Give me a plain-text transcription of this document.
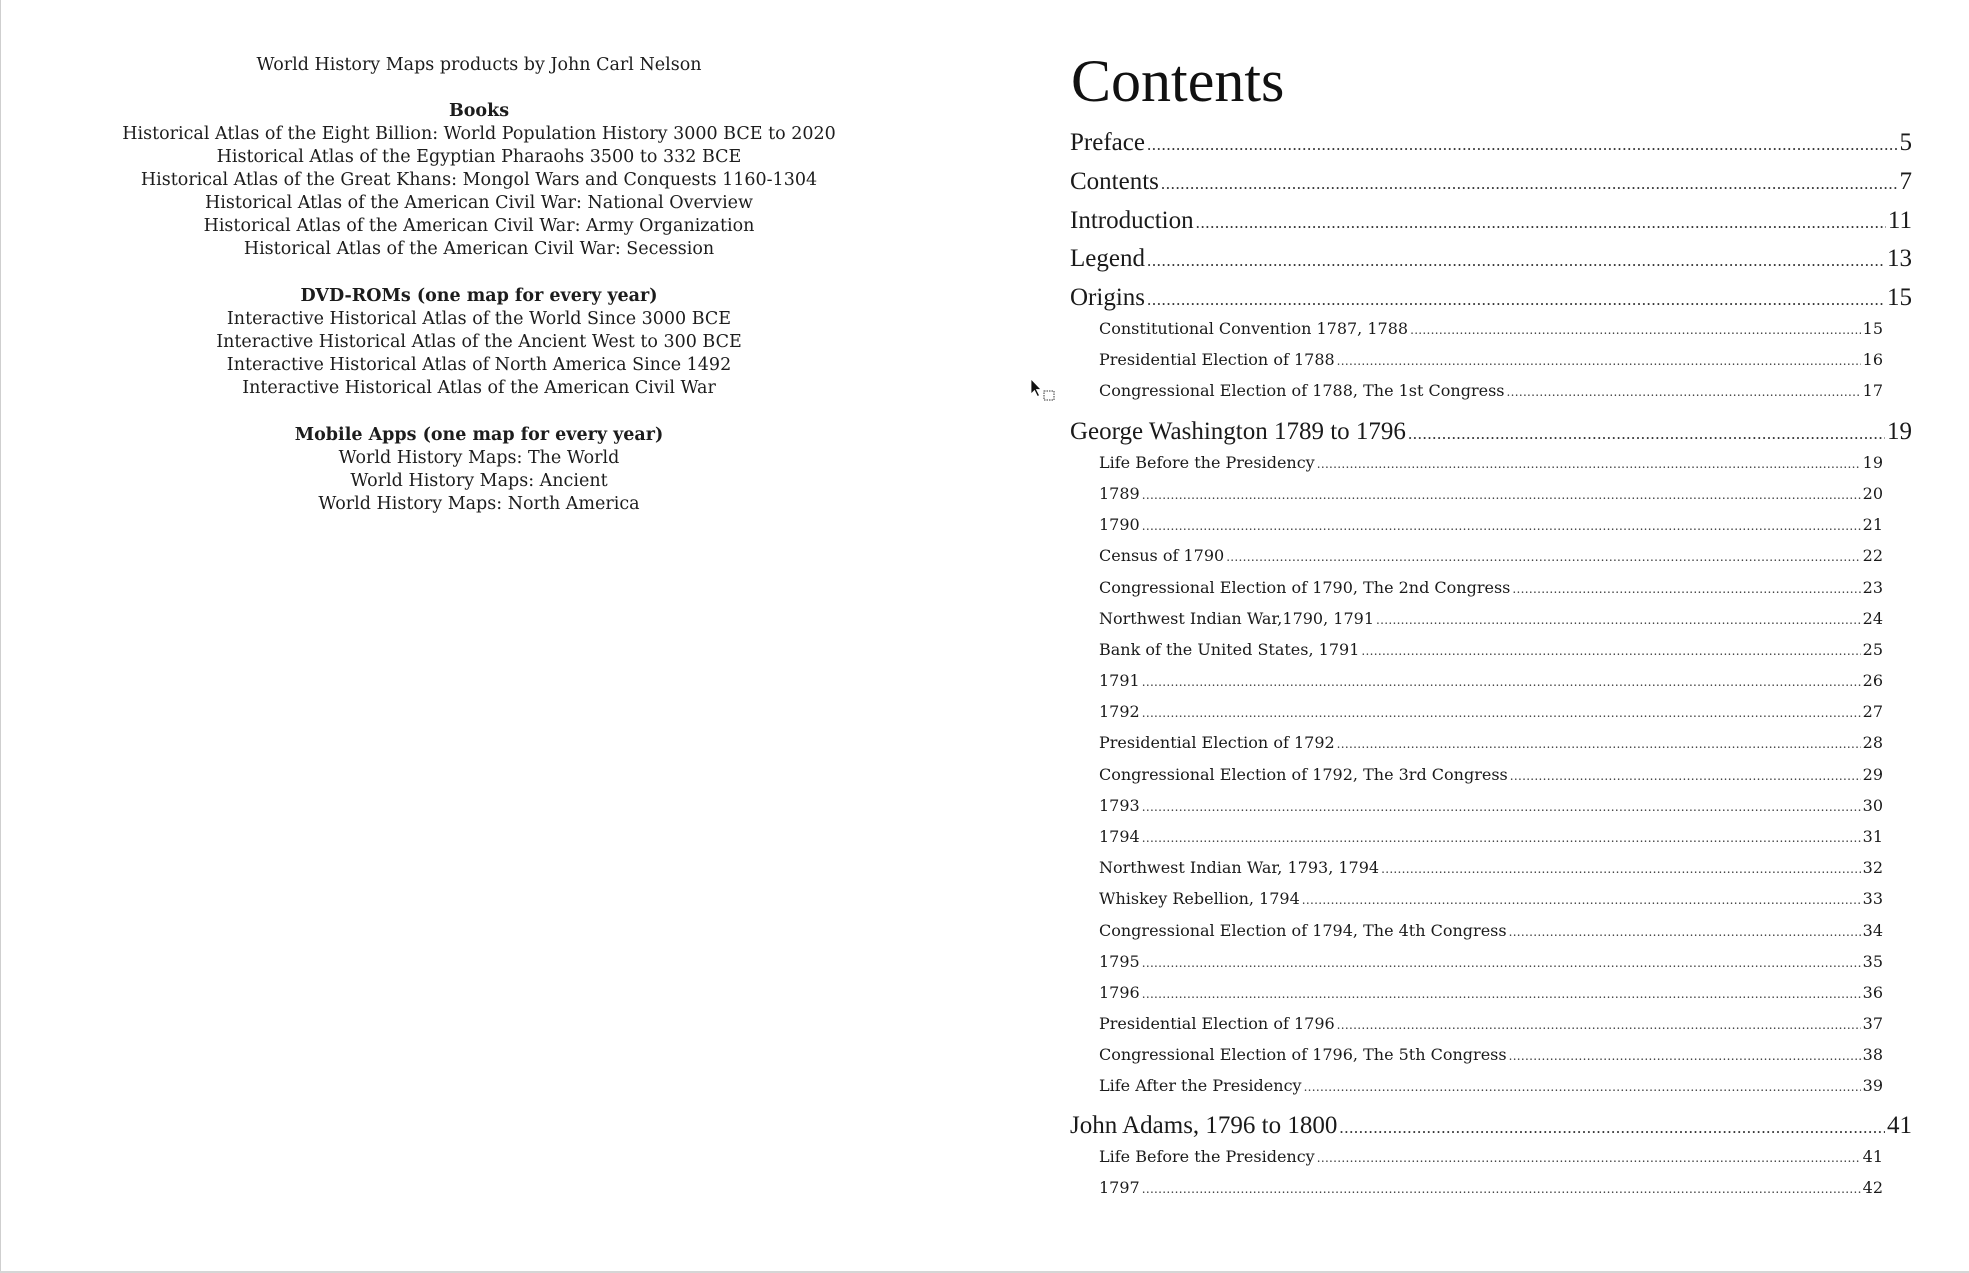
World History Maps products by John Carl Nelson
Books
Historical Atlas of the Eight Billion: World Population History 3000 BCE to 2020
Historical Atlas of the Egyptian Pharaohs 3500 to 332 BCE
Historical Atlas of the Great Khans: Mongol Wars and Conquests 1160-1304
Historical Atlas of the American Civil War: National Overview
Historical Atlas of the American Civil War: Army Organization
Historical Atlas of the American Civil War: Secession
DVD-ROMs (one map for every year)
Interactive Historical Atlas of the World Since 3000 BCE
Interactive Historical Atlas of the Ancient West to 300 BCE
Interactive Historical Atlas of North America Since 1492
Interactive Historical Atlas of the American Civil War
Mobile Apps (one map for every year)
World History Maps: The World
World History Maps: Ancient
World History Maps: North America
Contents
Preface .....	5
Contents .....	7
Introduction .....	11
Legend .....	13
Origins .....	15
Constitutional Convention 1787, 1788 .....	15
Presidential Election of 1788 .....	16
Congressional Election of 1788, The 1st Congress .....	17
George Washington 1789 to 1796 .....	19
Life Before the Presidency .....	19
1789 .....	20
1790 .....	21
Census of 1790 .....	22
Congressional Election of 1790, The 2nd Congress .....	23
Northwest Indian War,1790, 1791 .....	24
Bank of the United States, 1791 .....	25
1791 .....	26
1792 .....	27
Presidential Election of 1792 .....	28
Congressional Election of 1792, The 3rd Congress .....	29
1793 .....	30
1794 .....	31
Northwest Indian War, 1793, 1794 .....	32
Whiskey Rebellion, 1794 .....	33
Congressional Election of 1794, The 4th Congress .....	34
1795 .....	35
1796 .....	36
Presidential Election of 1796 .....	37
Congressional Election of 1796, The 5th Congress .....	38
Life After the Presidency .....	39
John Adams, 1796 to 1800 .....	41
Life Before the Presidency .....	41
1797 .....	42
